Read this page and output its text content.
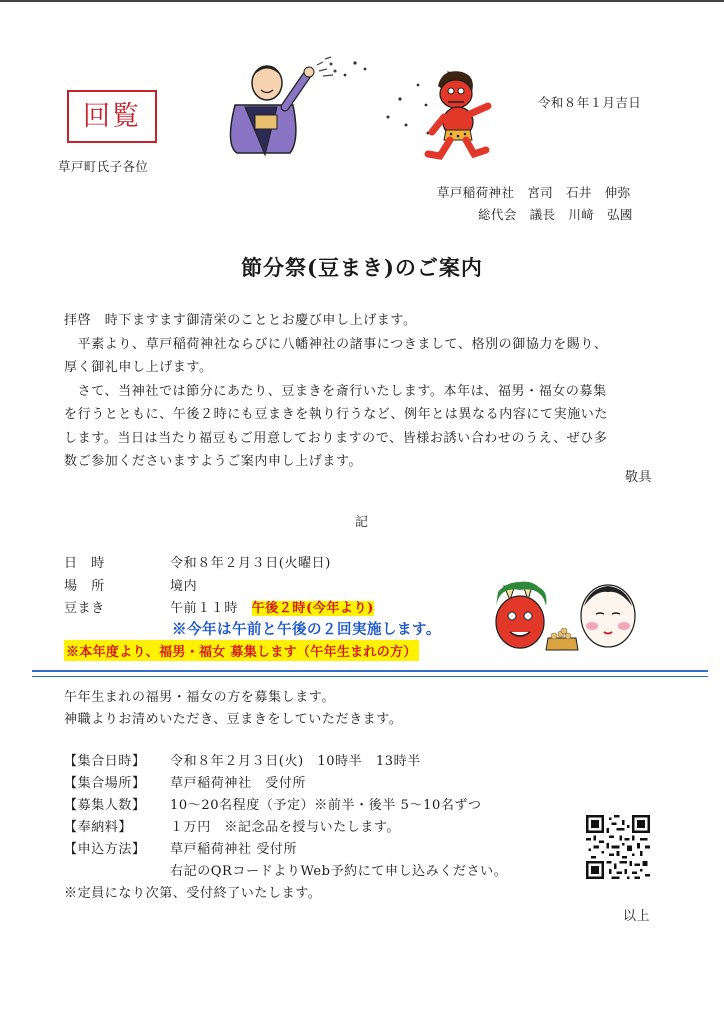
回覧	令和８年１月吉日
草戸町氏子各位
草戸稲荷神社　 宮司　 石井　伸弥
総代会　 議長　 川﨑　弘國
節分祭(豆まき)のご案内

拝啓　時下ますます御清栄のこととお慶び申し上げます。

　平素より、草戸稲荷神社ならびに八幡神社の諸事につきまして、格別の御協力を賜り、

厚く御礼申し上げます。

　さて、当神社では節分にあたり、豆まきを斎行いたします。本年は、福男・福女の募集

を行うとともに、午後２時にも豆まきを執り行うなど、例年とは異なる内容にて実施いた

します。当日は当たり福豆もご用意しておりますので、皆様お誘い合わせのうえ、ぜひ多

数ご参加くださいますようご案内申し上げます。

敬具
記
日　時	令和８年２月３日(火曜日)
場　所	境内
豆まき	午前１１時　 午後２時(今年より)
※今年は午前と午後の２回実施します。
※本年度より、福男・福女 募集します（午年生まれの方）
午年生まれの福男・福女の方を募集します。
神職よりお清めいただき、豆まきをしていただきます。
【集合日時】 令和８年２月３日(火)　10時半　13時半
【集合場所】 草戸稲荷神社　受付所
【募集人数】 10～20名程度（予定）※前半・後半 5～10名ずつ
【奉納料】	１万円　※記念品を授与いたします。
【申込方法】 草戸稲荷神社 受付所
右記のQRコードよりWeb予約にて申し込みください。
※定員になり次第、受付終了いたします。
以上
